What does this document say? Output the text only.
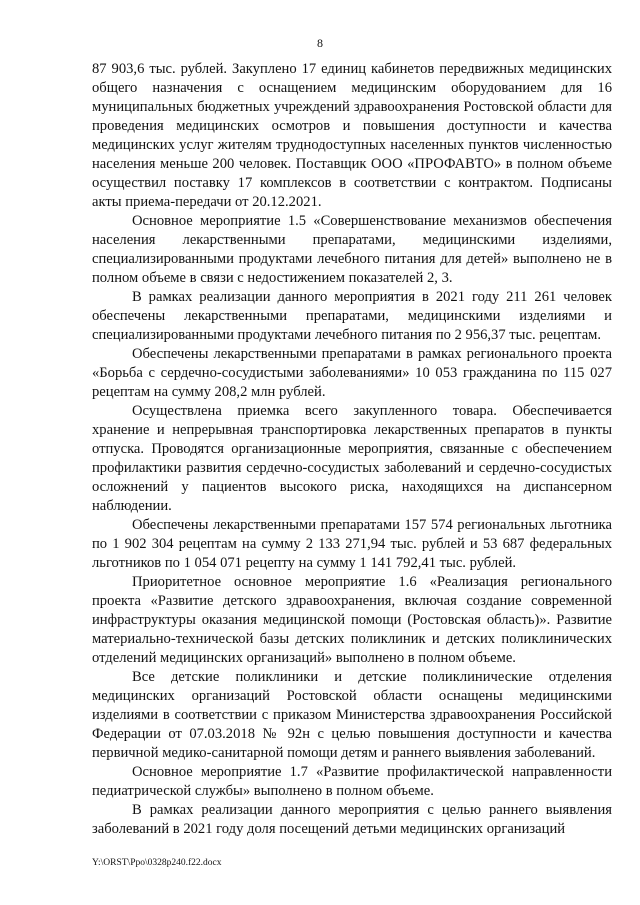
8

87 903,6 тыс. рублей. Закуплено 17 единиц кабинетов передвижных медицинских общего назначения с оснащением медицинским оборудованием для 16 муниципальных бюджетных учреждений здравоохранения Ростовской области для проведения медицинских осмотров и повышения доступности и качества медицинских услуг жителям труднодоступных населенных пунктов численностью населения меньше 200 человек. Поставщик ООО «ПРОФАВТО» в полном объеме осуществил поставку 17 комплексов в соответствии с контрактом. Подписаны акты приема-передачи от 20.12.2021.

Основное мероприятие 1.5 «Совершенствование механизмов обеспечения населения лекарственными препаратами, медицинскими изделиями, специализированными продуктами лечебного питания для детей» выполнено не в полном объеме в связи с недостижением показателей 2, 3.

В рамках реализации данного мероприятия в 2021 году 211 261 человек обеспечены лекарственными препаратами, медицинскими изделиями и специализированными продуктами лечебного питания по 2 956,37 тыс. рецептам.

Обеспечены лекарственными препаратами в рамках регионального проекта «Борьба с сердечно-сосудистыми заболеваниями» 10 053 гражданина по 115 027 рецептам на сумму 208,2 млн рублей.

Осуществлена приемка всего закупленного товара. Обеспечивается хранение и непрерывная транспортировка лекарственных препаратов в пункты отпуска. Проводятся организационные мероприятия, связанные с обеспечением профилактики развития сердечно-сосудистых заболеваний и сердечно-сосудистых осложнений у пациентов высокого риска, находящихся на диспансерном наблюдении.

Обеспечены лекарственными препаратами 157 574 региональных льготника по 1 902 304 рецептам на сумму 2 133 271,94 тыс. рублей и 53 687 федеральных льготников по 1 054 071 рецепту на сумму 1 141 792,41 тыс. рублей.

Приоритетное основное мероприятие 1.6 «Реализация регионального проекта «Развитие детского здравоохранения, включая создание современной инфраструктуры оказания медицинской помощи (Ростовская область)». Развитие материально-технической базы детских поликлиник и детских поликлинических отделений медицинских организаций» выполнено в полном объеме.

Все детские поликлиники и детские поликлинические отделения медицинских организаций Ростовской области оснащены медицинскими изделиями в соответствии с приказом Министерства здравоохранения Российской Федерации от 07.03.2018 № 92н с целью повышения доступности и качества первичной медико-санитарной помощи детям и раннего выявления заболеваний.

Основное мероприятие 1.7 «Развитие профилактической направленности педиатрической службы» выполнено в полном объеме.

В рамках реализации данного мероприятия с целью раннего выявления заболеваний в 2021 году доля посещений детьми медицинских организаций

Y:\ORST\Ppo\0328p240.f22.docx
